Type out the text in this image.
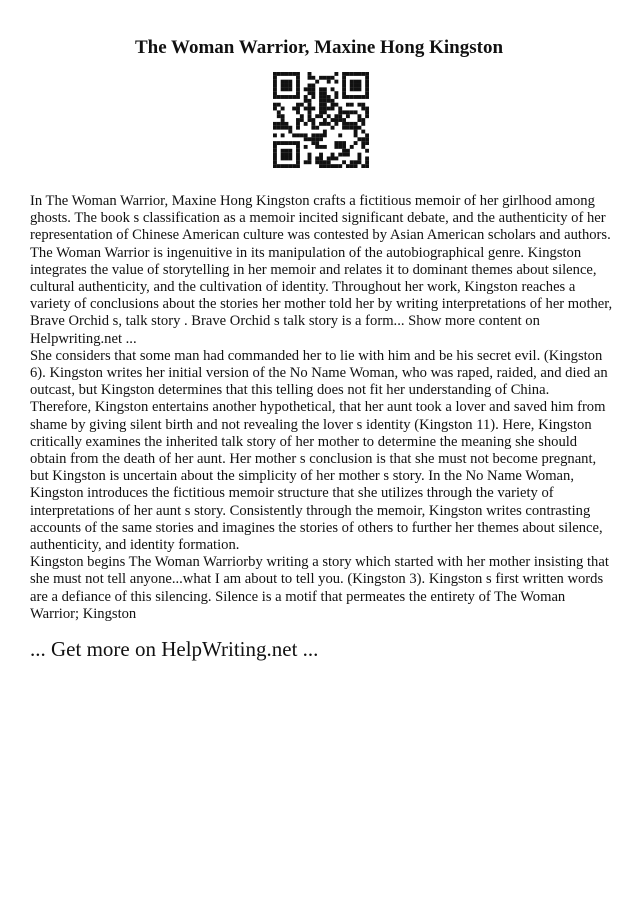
The Woman Warrior, Maxine Hong Kingston

In The Woman Warrior, Maxine Hong Kingston crafts a fictitious memoir of her girlhood among ghosts. The book s classification as a memoir incited significant debate, and the authenticity of her representation of Chinese American culture was contested by Asian American scholars and authors. The Woman Warrior is ingenuitive in its manipulation of the autobiographical genre. Kingston integrates the value of storytelling in her memoir and relates it to dominant themes about silence, cultural authenticity, and the cultivation of identity. Throughout her work, Kingston reaches a variety of conclusions about the stories her mother told her by writing interpretations of her mother, Brave Orchid s, talk story . Brave Orchid s talk story is a form... Show more content on Helpwriting.net ...

She considers that some man had commanded her to lie with him and be his secret evil. (Kingston 6). Kingston writes her initial version of the No Name Woman, who was raped, raided, and died an outcast, but Kingston determines that this telling does not fit her understanding of China. Therefore, Kingston entertains another hypothetical, that her aunt took a lover and saved him from shame by giving silent birth and not revealing the lover s identity (Kingston 11). Here, Kingston critically examines the inherited talk story of her mother to determine the meaning she should obtain from the death of her aunt. Her mother s conclusion is that she must not become pregnant, but Kingston is uncertain about the simplicity of her mother s story. In the No Name Woman, Kingston introduces the fictitious memoir structure that she utilizes through the variety of interpretations of her aunt s story. Consistently through the memoir, Kingston writes contrasting accounts of the same stories and imagines the stories of others to further her themes about silence, authenticity, and identity formation.

Kingston begins The Woman Warriorby writing a story which started with her mother insisting that she must not tell anyone...what I am about to tell you. (Kingston 3). Kingston s first written words are a defiance of this silencing. Silence is a motif that permeates the entirety of The Woman Warrior; Kingston

... Get more on HelpWriting.net ...
